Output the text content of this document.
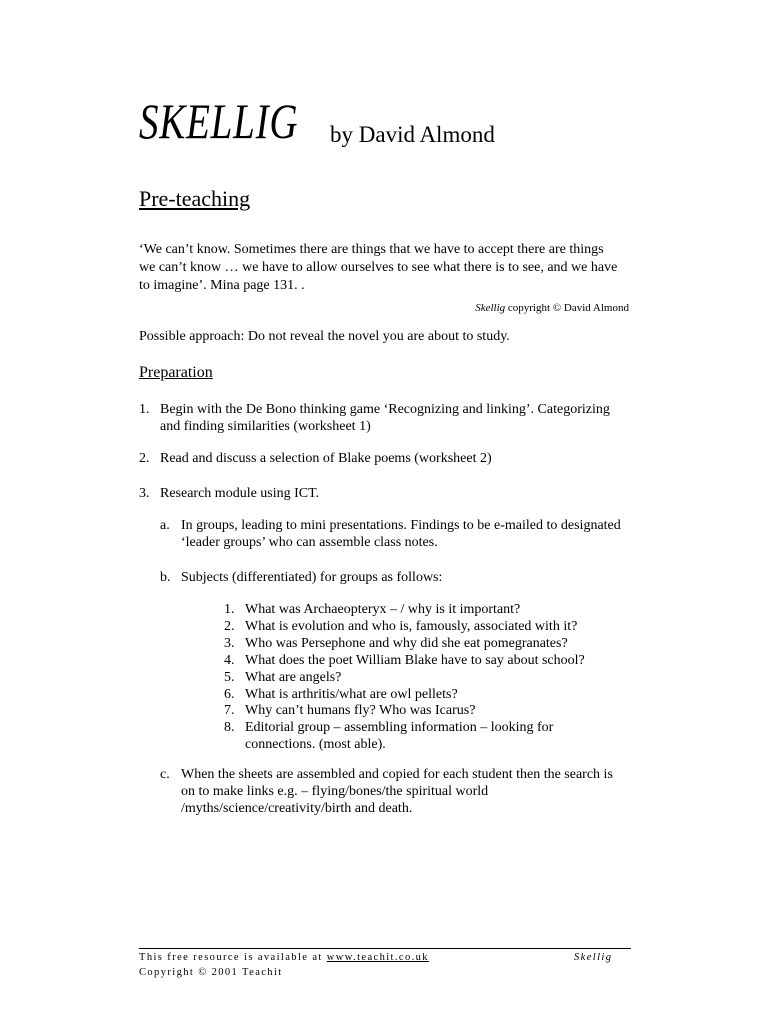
SKELLIG by David Almond
Pre-teaching

‘We can’t know. Sometimes there are things that we have to accept there are things

we can’t know … we have to allow ourselves to see what there is to see, and we have

to imagine’. Mina page 131. .

Skellig copyright © David Almond
Possible approach: Do not reveal the novel you are about to study.
Preparation
1. Begin with the De Bono thinking game ‘Recognizing and linking’. Categorizing

and finding similarities (worksheet 1)

2. Read and discuss a selection of Blake poems (worksheet 2)

3. Research module using ICT.

a. In groups, leading to mini presentations. Findings to be e-mailed to designated

‘leader groups’ who can assemble class notes.

b. Subjects (differentiated) for groups as follows:

1. What was Archaeopteryx – / why is it important?

2. What is evolution and who is, famously, associated with it?

3. Who was Persephone and why did she eat pomegranates?

4. What does the poet William Blake have to say about school?

5. What are angels?

6. What is arthritis/what are owl pellets?

7. Why can’t humans fly? Who was Icarus?

8. Editorial group – assembling information – looking for

connections. (most able).

c. When the sheets are assembled and copied for each student then the search is

on to make links e.g. – flying/bones/the spiritual world

/myths/science/creativity/birth and death.

This free resource is available at www.teachit.co.uk	Skellig
Copyright © 2001 Teachit
